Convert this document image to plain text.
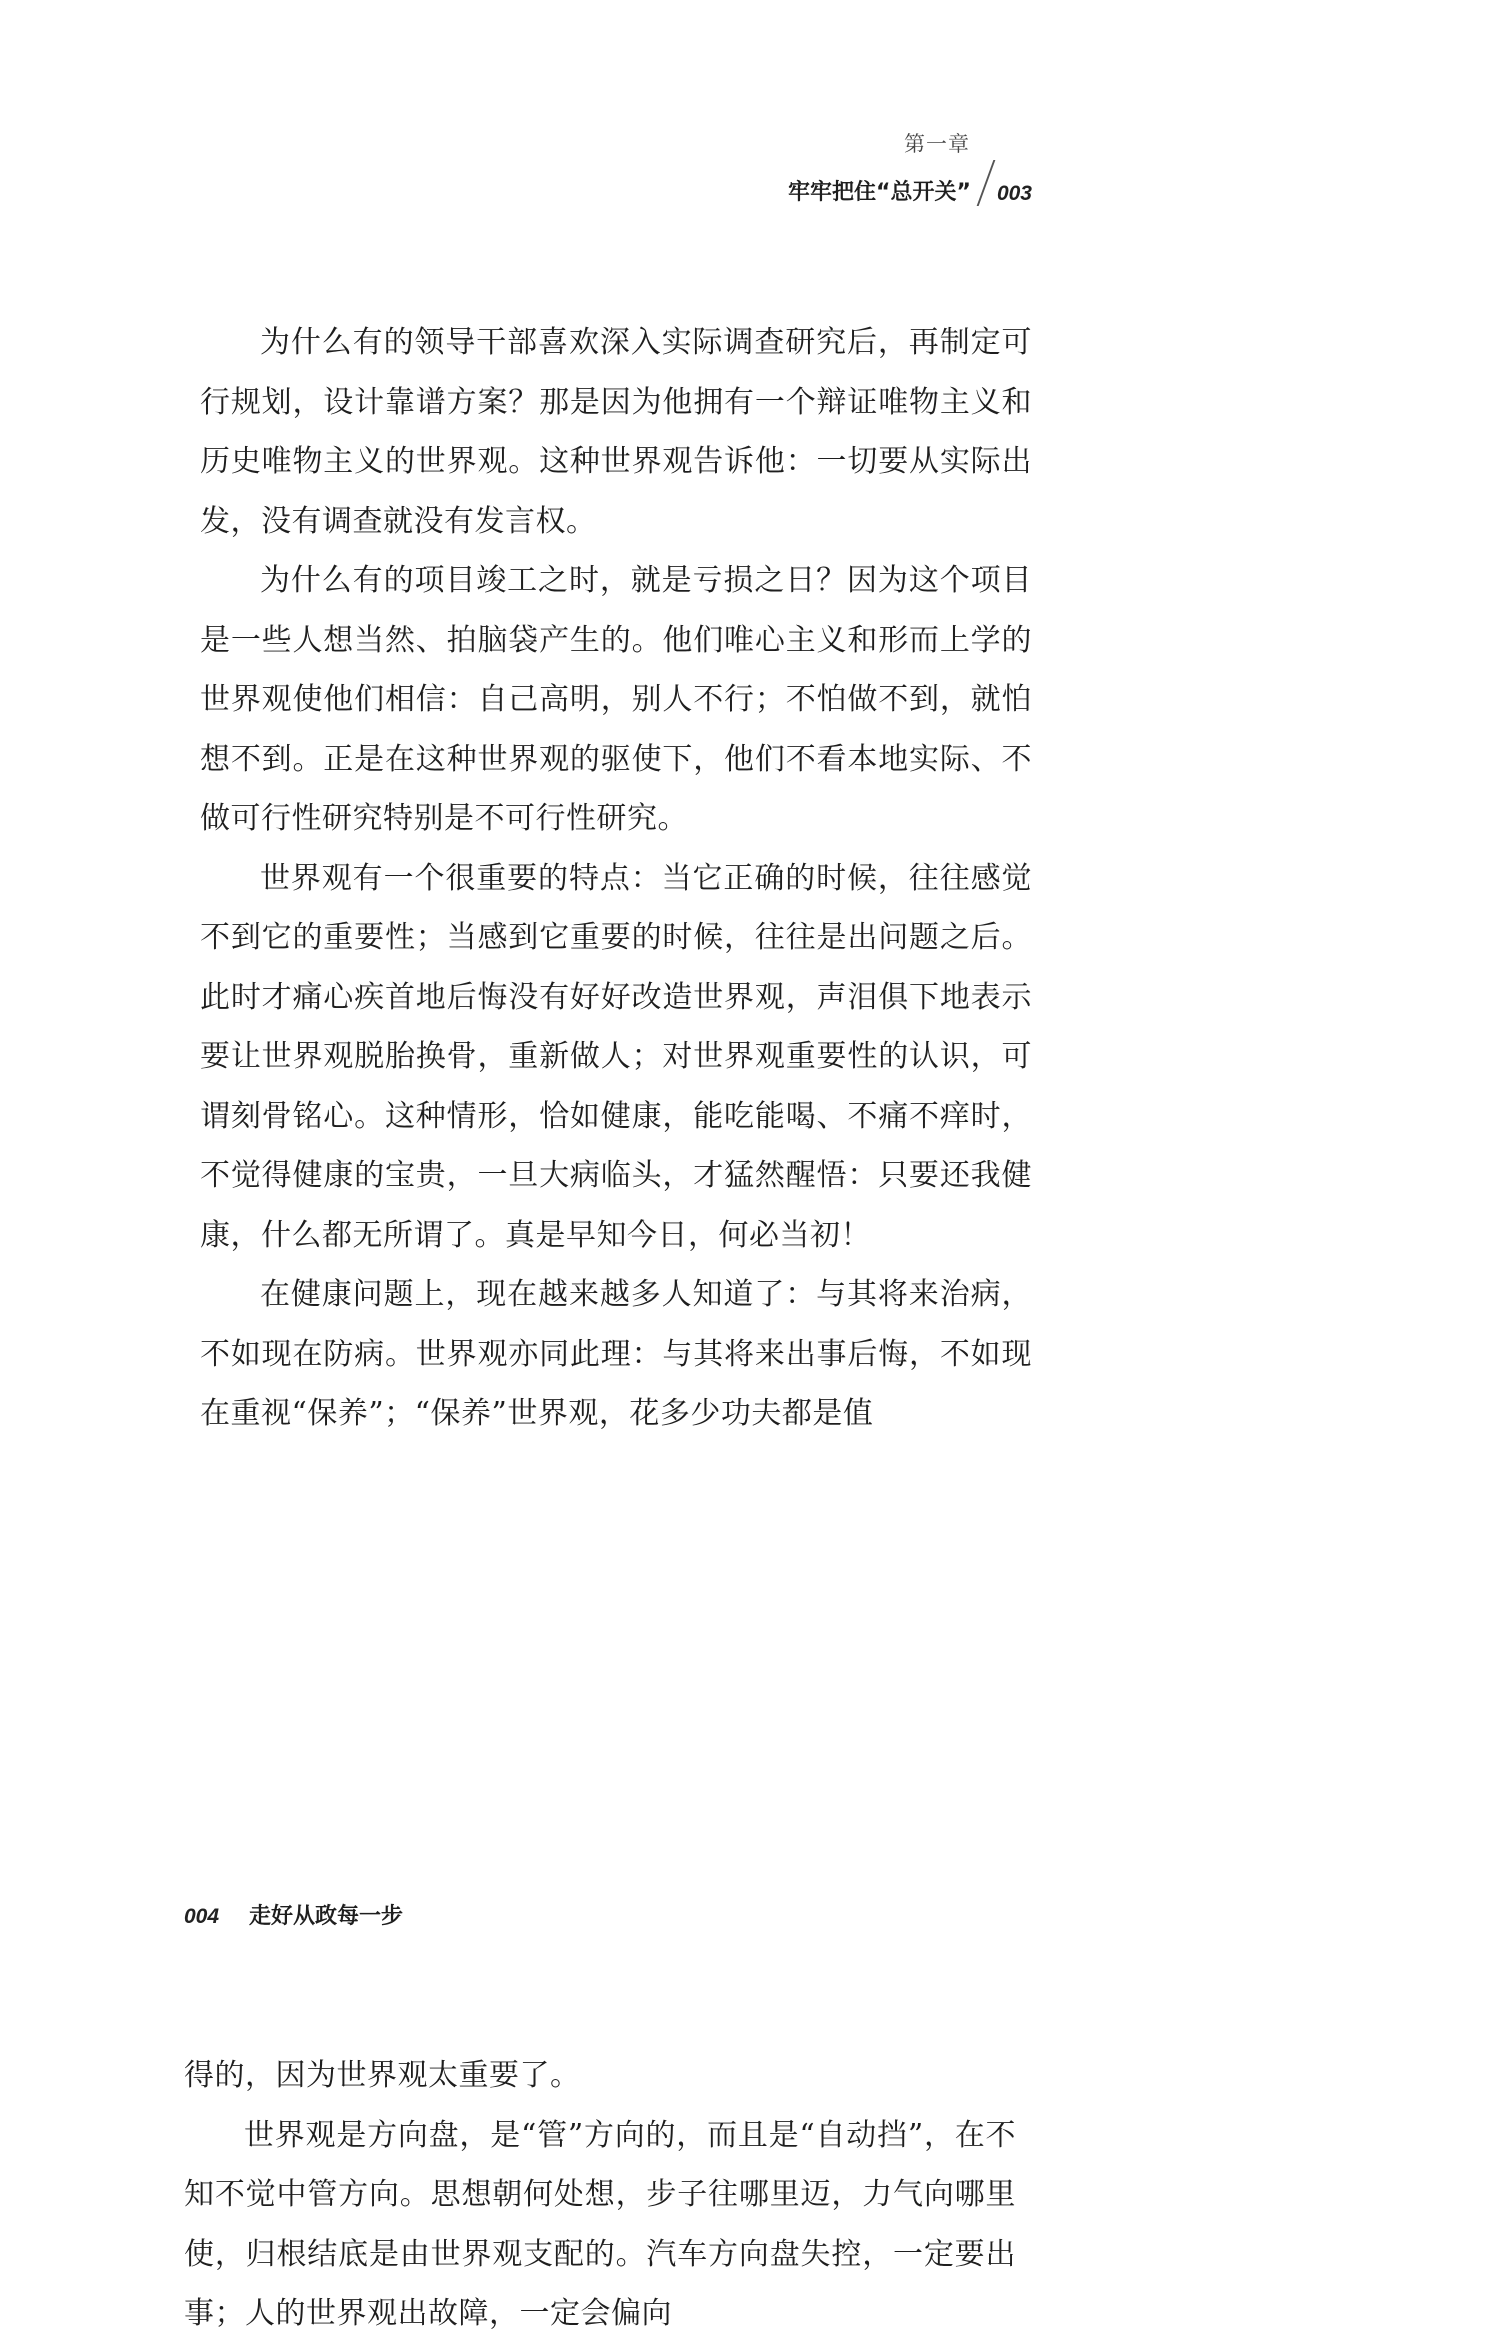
第一章
牢牢把住“总开关” 003

为什么有的领导干部喜欢深入实际调查研究后，再制定可行规划，设计靠谱方案？那是因为他拥有一个辩证唯物主义和历史唯物主义的世界观。这种世界观告诉他：一切要从实际出发，没有调查就没有发言权。

为什么有的项目竣工之时，就是亏损之日？因为这个项目是一些人想当然、拍脑袋产生的。他们唯心主义和形而上学的世界观使他们相信：自己高明，别人不行；不怕做不到，就怕想不到。正是在这种世界观的驱使下，他们不看本地实际、不做可行性研究特别是不可行性研究。

世界观有一个很重要的特点：当它正确的时候，往往感觉不到它的重要性；当感到它重要的时候，往往是出问题之后。此时才痛心疾首地后悔没有好好改造世界观，声泪俱下地表示要让世界观脱胎换骨，重新做人；对世界观重要性的认识，可谓刻骨铭心。这种情形，恰如健康，能吃能喝、不痛不痒时，不觉得健康的宝贵，一旦大病临头，才猛然醒悟：只要还我健康，什么都无所谓了。真是早知今日，何必当初！

在健康问题上，现在越来越多人知道了：与其将来治病，不如现在防病。世界观亦同此理：与其将来出事后悔，不如现在重视“保养”；“保养”世界观，花多少功夫都是值

004 走好从政每一步

得的，因为世界观太重要了。

世界观是方向盘，是“管”方向的，而且是“自动挡”，在不知不觉中管方向。思想朝何处想，步子往哪里迈，力气向哪里使，归根结底是由世界观支配的。汽车方向盘失控，一定要出事；人的世界观出故障，一定会偏向
